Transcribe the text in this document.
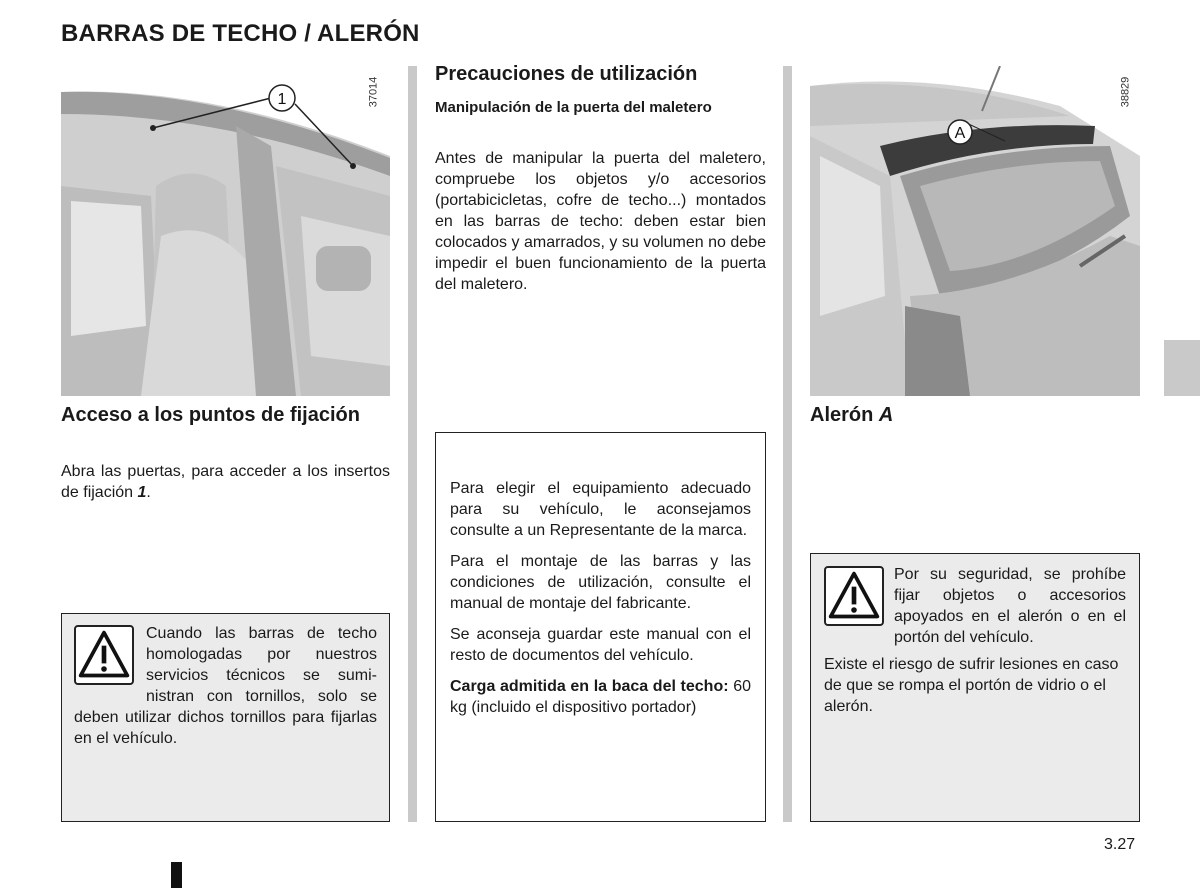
BARRAS DE TECHO / ALERÓN
1	37014
Acceso a los puntos de fijación
Abra las puertas, para acceder a los insertos de fijación 1.

Cuando las barras de techo homologadas por nuestros servicios técnicos se suministran con tornillos, solo se deben utilizar dichos tornillos para fijarlas en el vehículo.

Precauciones de utilización
Manipulación de la puerta del maletero
Antes de manipular la puerta del maletero, compruebe los objetos y/o accesorios (portabicicletas, cofre de techo...) montados en las barras de techo: deben estar bien colocados y amarrados, y su volumen no debe impedir el buen funcionamiento de la puerta del maletero.

Para elegir el equipamiento adecuado para su vehículo, le aconsejamos consulte a un Representante de la marca.

Para el montaje de las barras y las condiciones de utilización, consulte el manual de montaje del fabricante.

Se aconseja guardar este manual con el resto de documentos del vehículo.

Carga admitida en la baca del techo: 60 kg (incluido el dispositivo portador)

A
38829
Alerón A

Por su seguridad, se prohíbe fijar objetos o accesorios apoyados en el alerón o en el portón del vehículo.

Existe el riesgo de sufrir lesiones en caso de que se rompa el portón de vidrio o el alerón.

3.27
